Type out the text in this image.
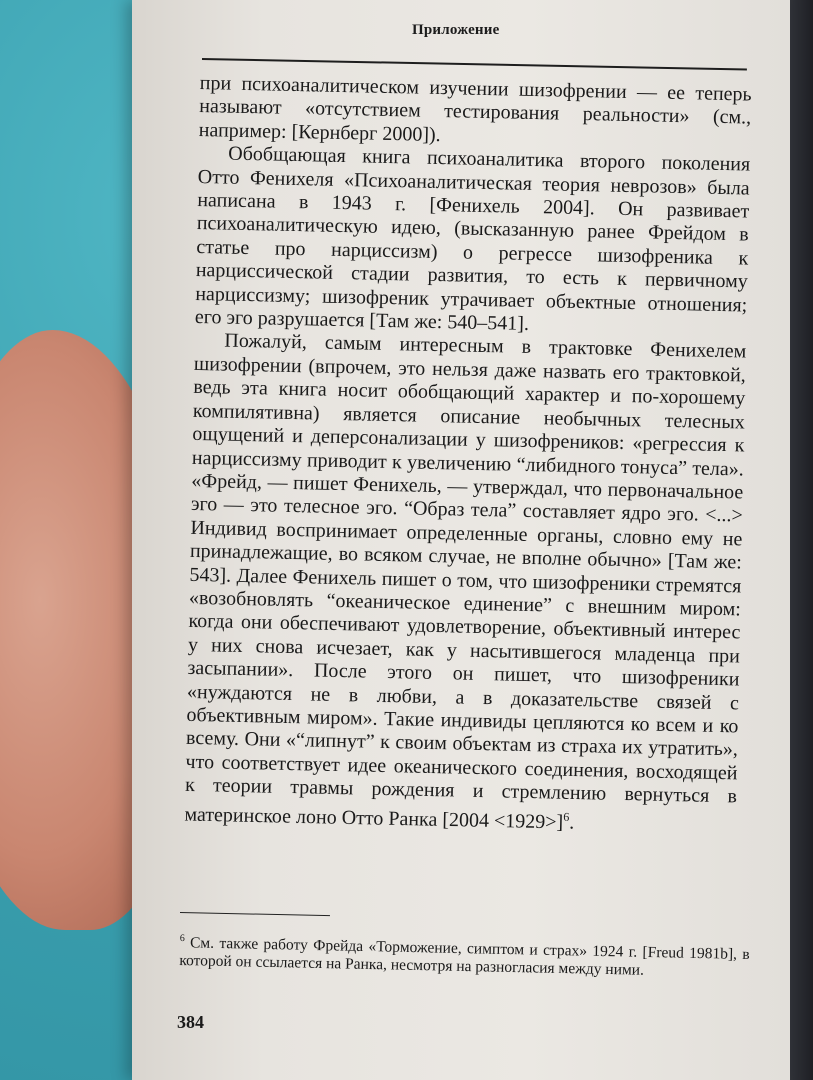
Приложение

при психоаналитическом изучении шизофрении — ее теперь называют «отсутствием тестирования реальности» (см., например: [Кернберг 2000]).

Обобщающая книга психоаналитика второго поколения Отто Фенихеля «Психоаналитическая теория неврозов» была написана в 1943 г. [Фенихель 2004]. Он развивает психоаналитическую идею, (высказанную ранее Фрейдом в статье про нарциссизм) о регрессе шизофреника к нарциссической стадии развития, то есть к первичному нарциссизму; шизофреник утрачивает объектные отношения; его эго разрушается [Там же: 540–541].

Пожалуй, самым интересным в трактовке Фенихелем шизофрении (впрочем, это нельзя даже назвать его трактовкой, ведь эта книга носит обобщающий характер и по-хорошему компилятивна) является описание необычных телесных ощущений и деперсонализации у шизофреников: «регрессия к нарциссизму приводит к увеличению “либидного тонуса” тела». «Фрейд, — пишет Фенихель, — утверждал, что первоначальное эго — это телесное эго. “Образ тела” составляет ядро эго. <...> Индивид воспринимает определенные органы, словно ему не принадлежащие, во всяком случае, не вполне обычно» [Там же: 543]. Далее Фенихель пишет о том, что шизофреники стремятся «возобновлять “океаническое единение” с внешним миром: когда они обеспечивают удовлетворение, объективный интерес у них снова исчезает, как у насытившегося младенца при засыпании». После этого он пишет, что шизофреники «нуждаются не в любви, а в доказательстве связей с объективным миром». Такие индивиды цепляются ко всем и ко всему. Они «“липнут” к своим объектам из страха их утратить», что соответствует идее океанического соединения, восходящей к теории травмы рождения и стремлению вернуться в материнское лоно Отто Ранка [2004 <1929>]$^6$.

$^6$ См. также работу Фрейда «Торможение, симптом и страх» 1924 г. [Freud 1981b], в которой он ссылается на Ранка, несмотря на разногласия между ними.
384
